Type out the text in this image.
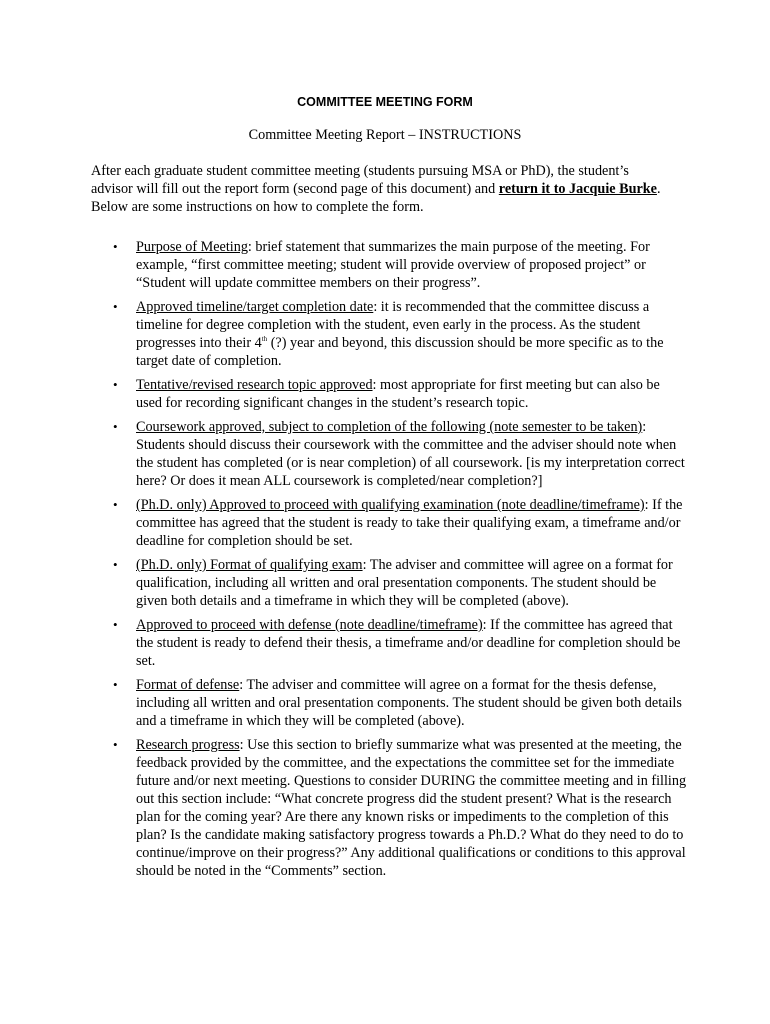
COMMITTEE MEETING FORM
Committee Meeting Report – INSTRUCTIONS

After each graduate student committee meeting (students pursuing MSA or PhD), the student’s advisor will fill out the report form (second page of this document) and return it to Jacquie Burke. Below are some instructions on how to complete the form.

• Purpose of Meeting: brief statement that summarizes the main purpose of the meeting. For example, “first committee meeting; student will provide overview of proposed project” or “Student will update committee members on their progress”.
• Approved timeline/target completion date: it is recommended that the committee discuss a timeline for degree completion with the student, even early in the process. As the student progresses into their 4th (?) year and beyond, this discussion should be more specific as to the target date of completion.
• Tentative/revised research topic approved: most appropriate for first meeting but can also be used for recording significant changes in the student’s research topic.
• Coursework approved, subject to completion of the following (note semester to be taken): Students should discuss their coursework with the committee and the adviser should note when the student has completed (or is near completion) of all coursework. [is my interpretation correct here? Or does it mean ALL coursework is completed/near completion?]
• (Ph.D. only) Approved to proceed with qualifying examination (note deadline/timeframe): If the committee has agreed that the student is ready to take their qualifying exam, a timeframe and/or deadline for completion should be set.
• (Ph.D. only) Format of qualifying exam: The adviser and committee will agree on a format for qualification, including all written and oral presentation components. The student should be given both details and a timeframe in which they will be completed (above).
• Approved to proceed with defense (note deadline/timeframe): If the committee has agreed that the student is ready to defend their thesis, a timeframe and/or deadline for completion should be set.
• Format of defense: The adviser and committee will agree on a format for the thesis defense, including all written and oral presentation components. The student should be given both details and a timeframe in which they will be completed (above).
• Research progress: Use this section to briefly summarize what was presented at the meeting, the feedback provided by the committee, and the expectations the committee set for the immediate future and/or next meeting. Questions to consider DURING the committee meeting and in filling out this section include: “What concrete progress did the student present? What is the research plan for the coming year? Are there any known risks or impediments to the completion of this plan? Is the candidate making satisfactory progress towards a Ph.D.? What do they need to do to continue/improve on their progress?” Any additional qualifications or conditions to this approval should be noted in the “Comments” section.
